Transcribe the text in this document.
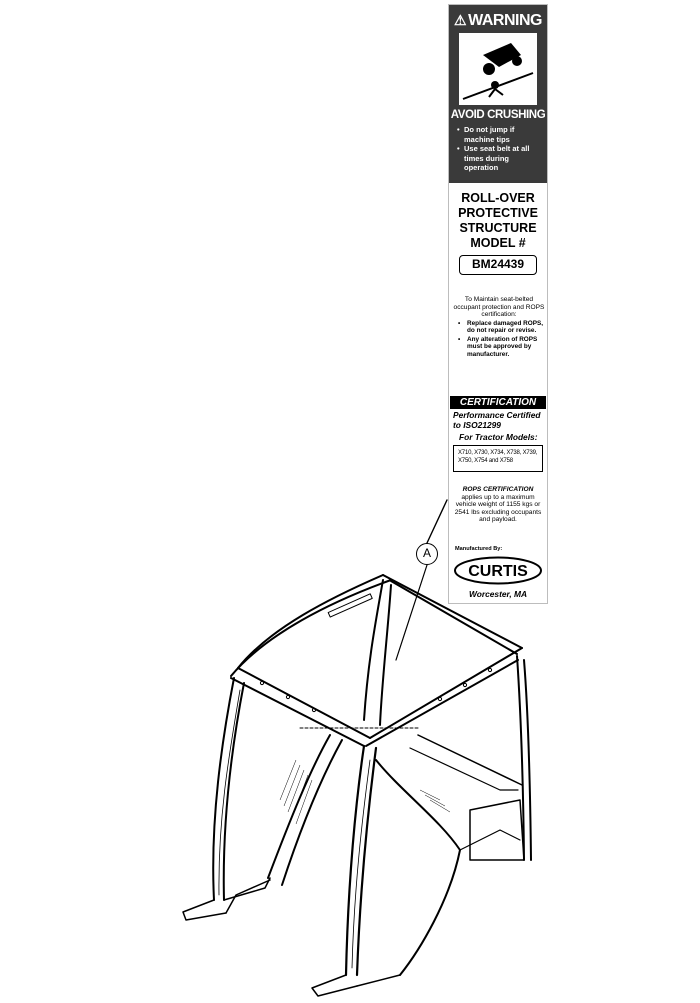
⚠ WARNING
AVOID CRUSHING
• Do not jump if machine tips
• Use seat belt at all times during operation
ROLL-OVER
PROTECTIVE
STRUCTURE
MODEL #
BM24439
To Maintain seat-belted occupant protection and ROPS certification:
• Replace damaged ROPS, do not repair or revise.
• Any alteration of ROPS must be approved by manufacturer.
CERTIFICATION
Performance Certified to ISO21299
For Tractor Models:
X710, X730, X734, X738, X739, X750, X754 and X758
ROPS CERTIFICATION
applies up to a maximum vehicle weight of 1155 kgs or 2541 lbs excluding occupants and payload.
Manufactured By:
CURTIS
Worcester, MA
A
